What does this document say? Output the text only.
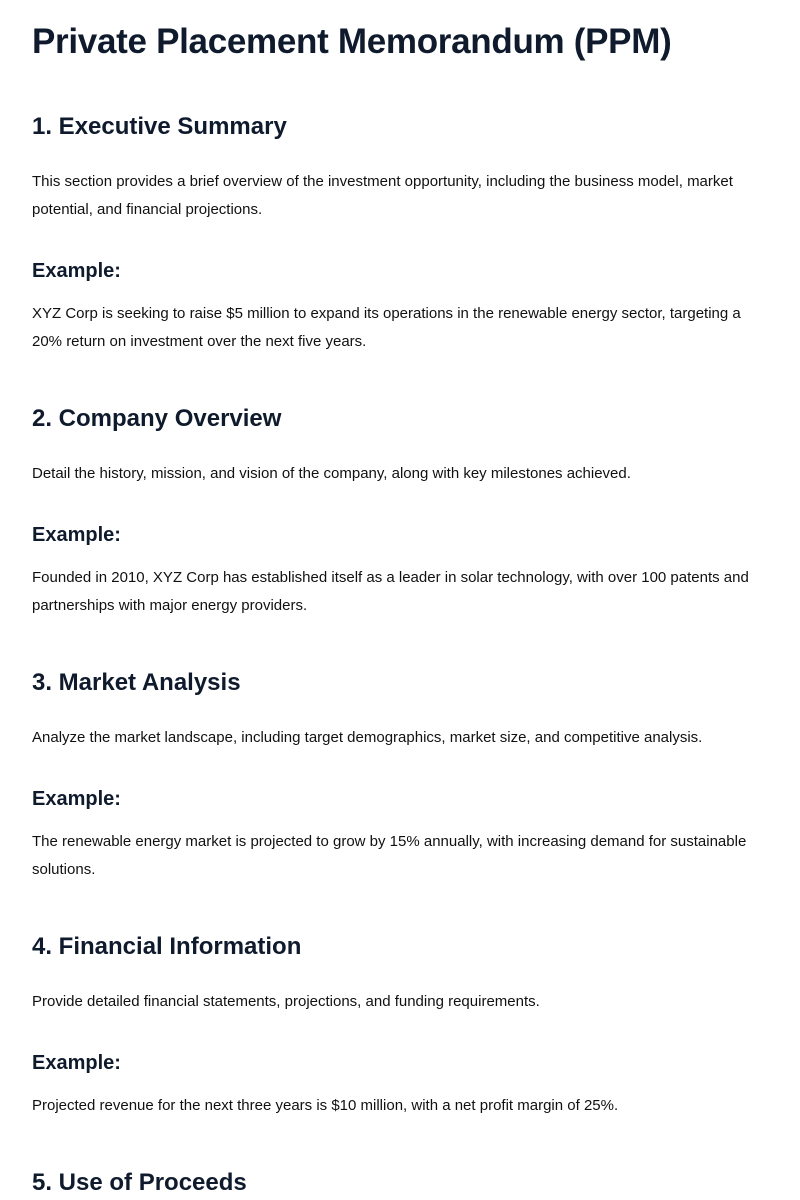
Private Placement Memorandum (PPM)
1. Executive Summary

This section provides a brief overview of the investment opportunity, including the business model, market potential, and financial projections.

Example:

XYZ Corp is seeking to raise $5 million to expand its operations in the renewable energy sector, targeting a 20% return on investment over the next five years.

2. Company Overview

Detail the history, mission, and vision of the company, along with key milestones achieved.

Example:

Founded in 2010, XYZ Corp has established itself as a leader in solar technology, with over 100 patents and partnerships with major energy providers.

3. Market Analysis

Analyze the market landscape, including target demographics, market size, and competitive analysis.

Example:

The renewable energy market is projected to grow by 15% annually, with increasing demand for sustainable solutions.

4. Financial Information

Provide detailed financial statements, projections, and funding requirements.

Example:

Projected revenue for the next three years is $10 million, with a net profit margin of 25%.

5. Use of Proceeds
